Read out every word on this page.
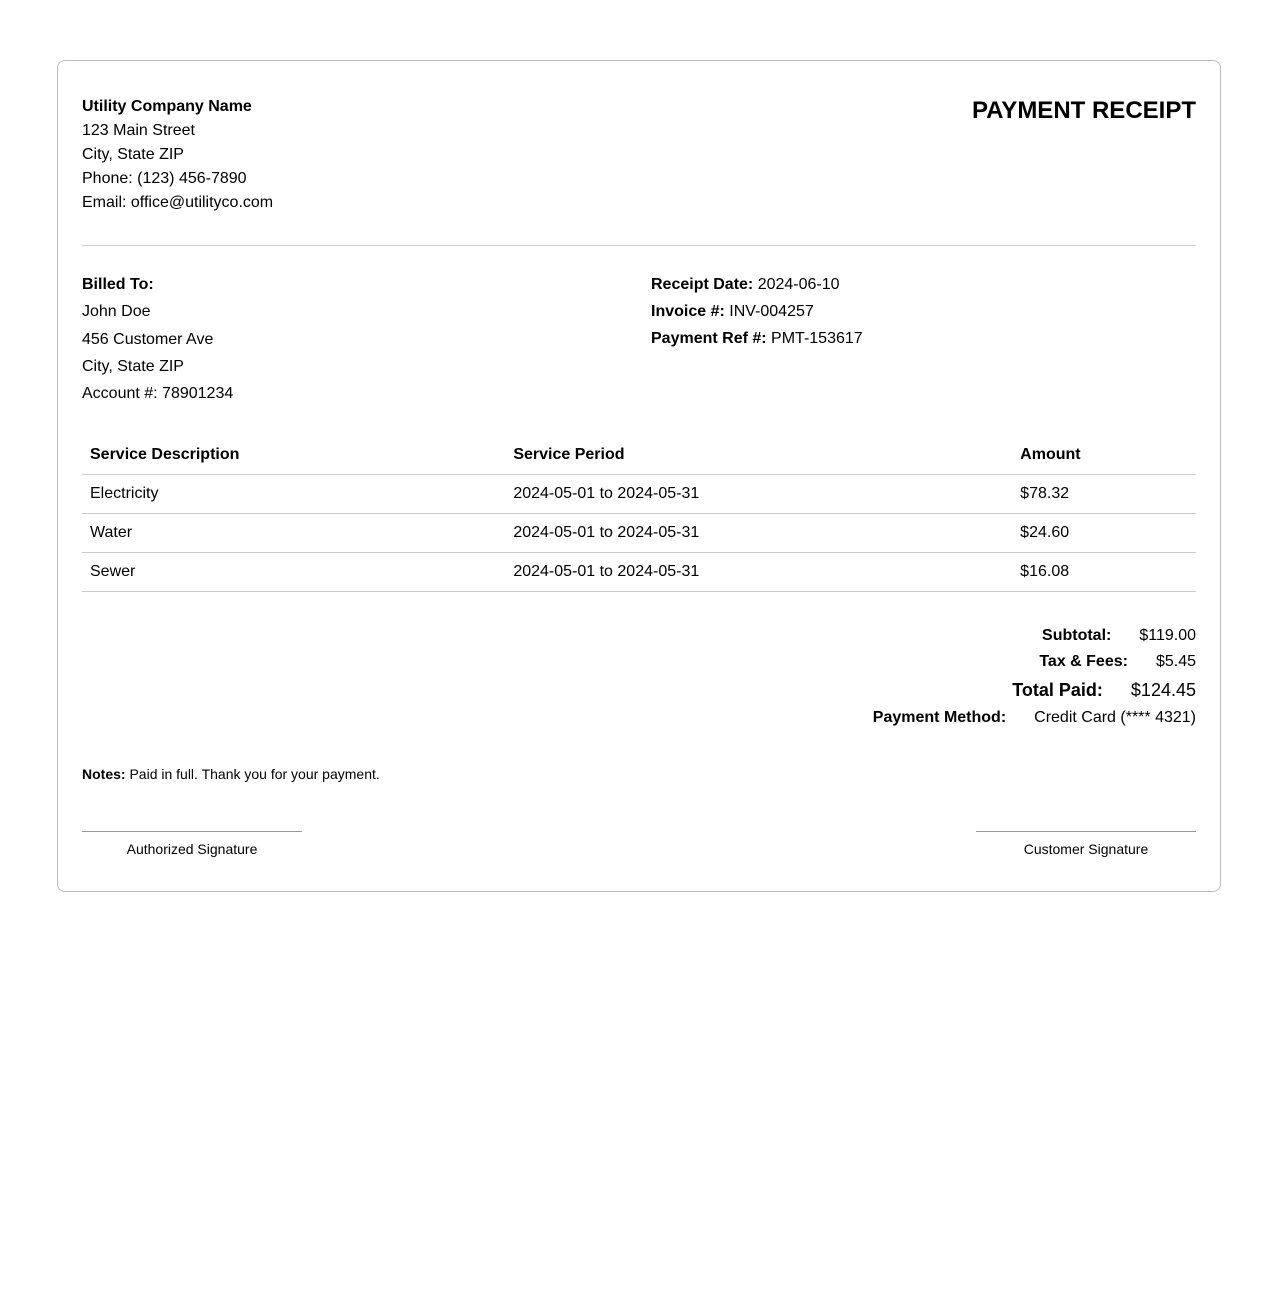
Utility Company Name
123 Main Street
City, State ZIP
Phone: (123) 456-7890
Email: office@utilityco.com
PAYMENT RECEIPT
Billed To:
John Doe
456 Customer Ave
City, State ZIP
Account #: 78901234
Receipt Date: 2024-06-10
Invoice #: INV-004257
Payment Ref #: PMT-153617
Service Description	Service Period	Amount
Electricity	2024-05-01 to 2024-05-31	$78.32
Water	2024-05-01 to 2024-05-31	$24.60
Sewer	2024-05-01 to 2024-05-31	$16.08
Subtotal: $119.00
Tax & Fees: $5.45
Total Paid: $124.45
Payment Method: Credit Card (**** 4321)
Notes: Paid in full. Thank you for your payment.
Authorized Signature	Customer Signature
